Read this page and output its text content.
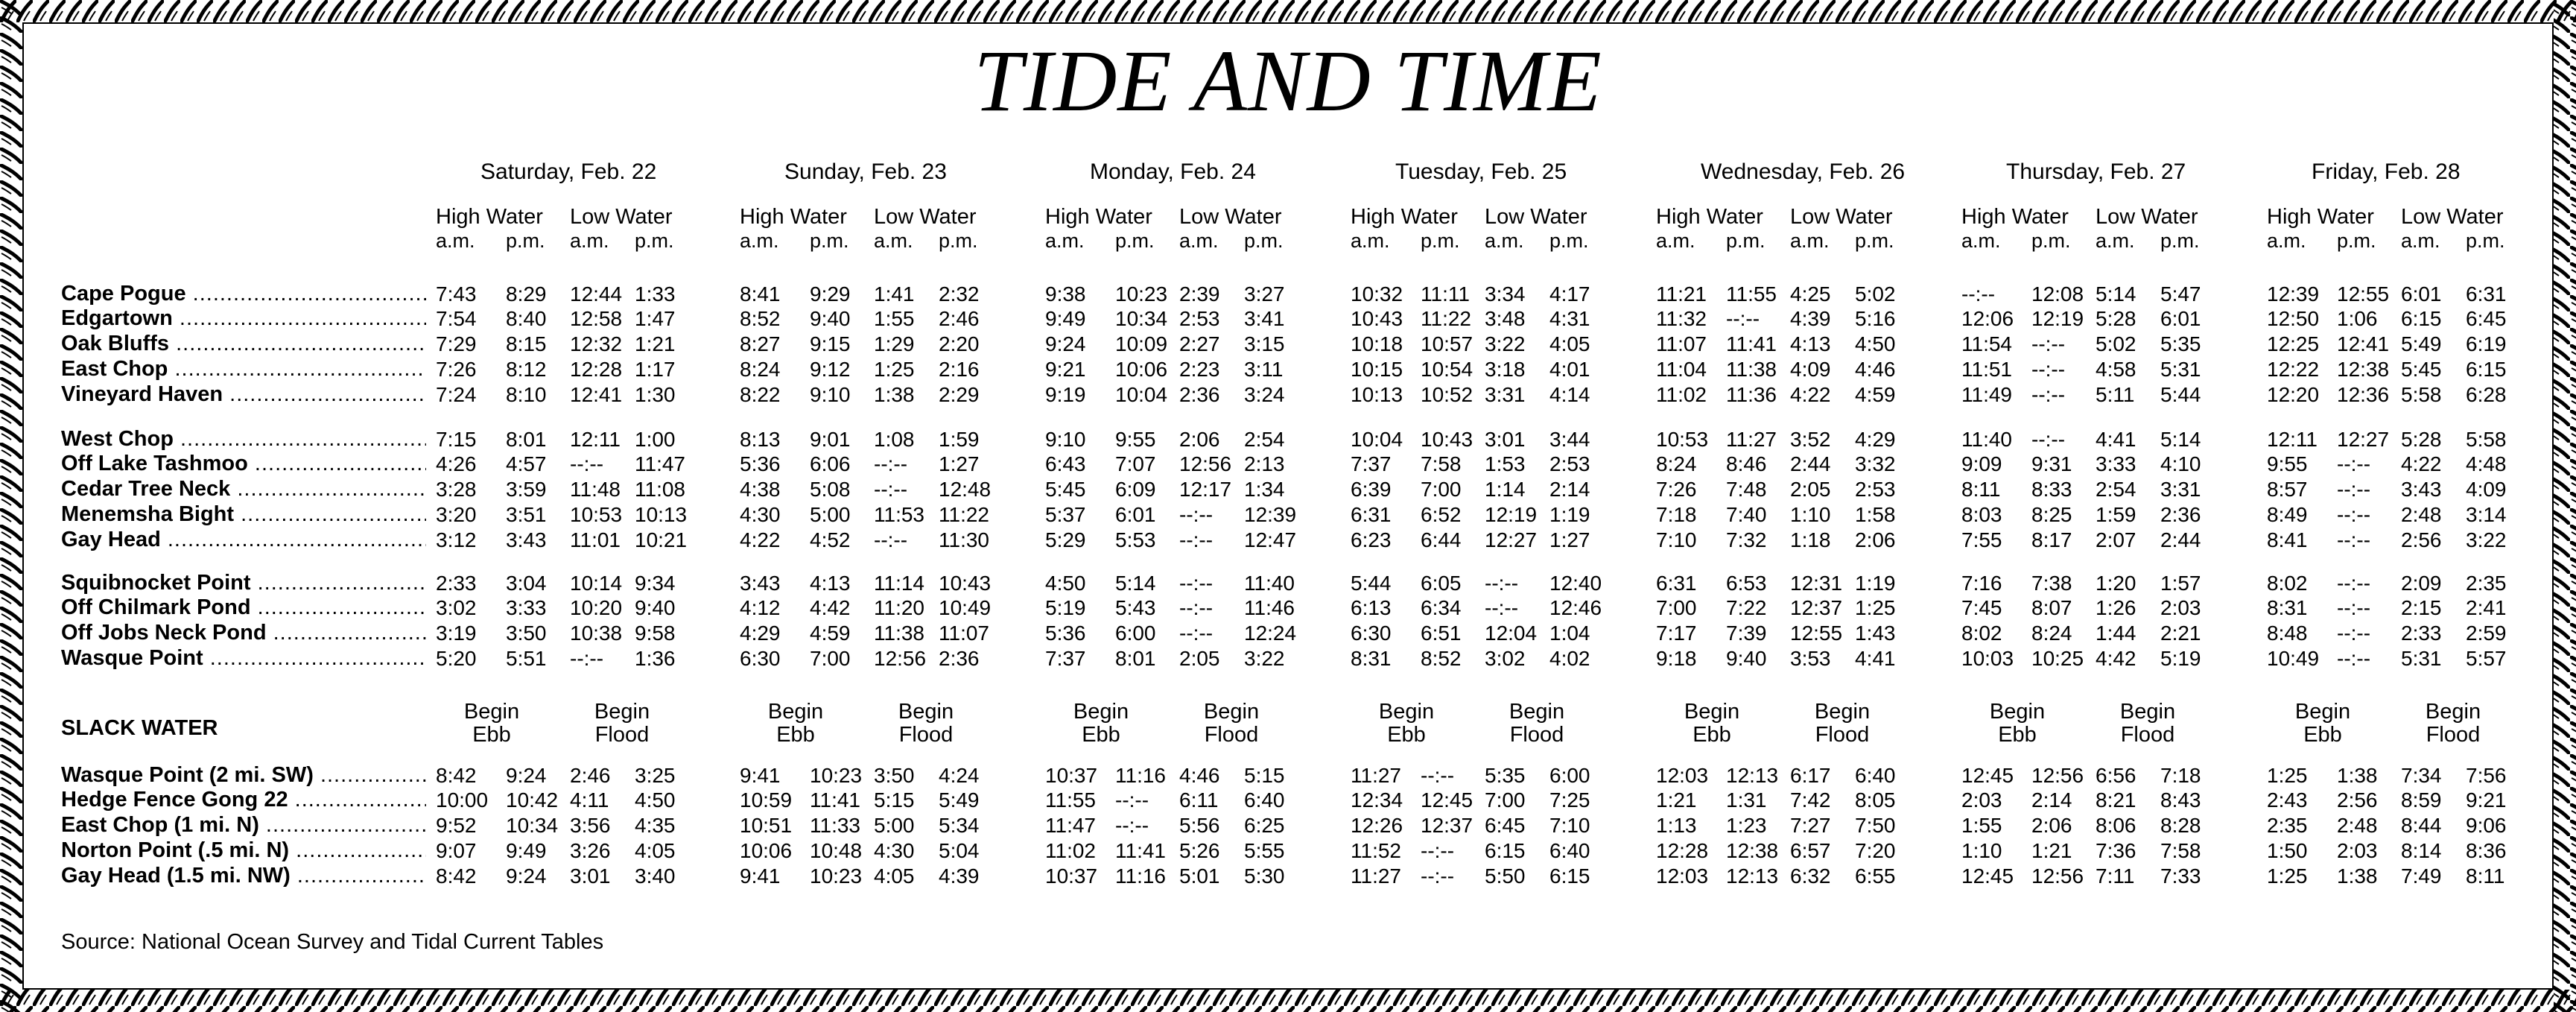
TIDE AND TIME
Saturday, Feb. 22
High Water Low Water
a.m. p.m. a.m. p.m.
Sunday, Feb. 23
High Water Low Water
a.m. p.m. a.m. p.m.
Monday, Feb. 24
High Water Low Water
a.m. p.m. a.m. p.m.
Tuesday, Feb. 25
High Water Low Water
a.m. p.m. a.m. p.m.
Wednesday, Feb. 26
High Water Low Water
a.m. p.m. a.m. p.m.
Thursday, Feb. 27
High Water Low Water
a.m. p.m. a.m. p.m.
Friday, Feb. 28
High Water Low Water
a.m. p.m. a.m. p.m.
Cape Pogue .....	7:43 8:29 12:44 1:33	8:41 9:29 1:41 2:32	9:38 10:23 2:39 3:27	10:32 11:11 3:34 4:17	11:21 11:55 4:25 5:02	--:-- 12:08 5:14 5:47	12:39 12:55 6:01 6:31
Edgartown .....	7:54 8:40 12:58 1:47	8:52 9:40 1:55 2:46	9:49 10:34 2:53 3:41	10:43 11:22 3:48 4:31	11:32 --:-- 4:39 5:16	12:06 12:19 5:28 6:01	12:50 1:06 6:15 6:45
Oak Bluffs .....	7:29 8:15 12:32 1:21	8:27 9:15 1:29 2:20	9:24 10:09 2:27 3:15	10:18 10:57 3:22 4:05	11:07 11:41 4:13 4:50	11:54 --:-- 5:02 5:35	12:25 12:41 5:49 6:19
East Chop .....	7:26 8:12 12:28 1:17	8:24 9:12 1:25 2:16	9:21 10:06 2:23 3:11	10:15 10:54 3:18 4:01	11:04 11:38 4:09 4:46	11:51 --:-- 4:58 5:31	12:22 12:38 5:45 6:15
Vineyard Haven .....	7:24 8:10 12:41 1:30	8:22 9:10 1:38 2:29	9:19 10:04 2:36 3:24	10:13 10:52 3:31 4:14	11:02 11:36 4:22 4:59	11:49 --:-- 5:11 5:44	12:20 12:36 5:58 6:28
West Chop .....	7:15 8:01 12:11 1:00	8:13 9:01 1:08 1:59	9:10 9:55 2:06 2:54	10:04 10:43 3:01 3:44	10:53 11:27 3:52 4:29	11:40 --:-- 4:41 5:14	12:11 12:27 5:28 5:58
Off Lake Tashmoo .....	4:26 4:57 --:-- 11:47	5:36 6:06 --:-- 1:27	6:43 7:07 12:56 2:13	7:37 7:58 1:53 2:53	8:24 8:46 2:44 3:32	9:09 9:31 3:33 4:10	9:55 --:-- 4:22 4:48
Cedar Tree Neck .....	3:28 3:59 11:48 11:08	4:38 5:08 --:-- 12:48	5:45 6:09 12:17 1:34	6:39 7:00 1:14 2:14	7:26 7:48 2:05 2:53	8:11 8:33 2:54 3:31	8:57 --:-- 3:43 4:09
Menemsha Bight .....	3:20 3:51 10:53 10:13	4:30 5:00 11:53 11:22	5:37 6:01 --:-- 12:39	6:31 6:52 12:19 1:19	7:18 7:40 1:10 1:58	8:03 8:25 1:59 2:36	8:49 --:-- 2:48 3:14
Gay Head .....	3:12 3:43 11:01 10:21	4:22 4:52 --:-- 11:30	5:29 5:53 --:-- 12:47	6:23 6:44 12:27 1:27	7:10 7:32 1:18 2:06	7:55 8:17 2:07 2:44	8:41 --:-- 2:56 3:22
Squibnocket Point .....	2:33 3:04 10:14 9:34	3:43 4:13 11:14 10:43	4:50 5:14 --:-- 11:40	5:44 6:05 --:-- 12:40	6:31 6:53 12:31 1:19	7:16 7:38 1:20 1:57	8:02 --:-- 2:09 2:35
Off Chilmark Pond .....	3:02 3:33 10:20 9:40	4:12 4:42 11:20 10:49	5:19 5:43 --:-- 11:46	6:13 6:34 --:-- 12:46	7:00 7:22 12:37 1:25	7:45 8:07 1:26 2:03	8:31 --:-- 2:15 2:41
Off Jobs Neck Pond .....	3:19 3:50 10:38 9:58	4:29 4:59 11:38 11:07	5:36 6:00 --:-- 12:24	6:30 6:51 12:04 1:04	7:17 7:39 12:55 1:43	8:02 8:24 1:44 2:21	8:48 --:-- 2:33 2:59
Wasque Point .....	5:20 5:51 --:-- 1:36	6:30 7:00 12:56 2:36	7:37 8:01 2:05 3:22	8:31 8:52 3:02 4:02	9:18 9:40 3:53 4:41	10:03 10:25 4:42 5:19	10:49 --:-- 5:31 5:57
Begin
Ebb
Begin
Flood
Begin
Ebb
Begin
Flood
Begin
Ebb
Begin
Flood
Begin
Ebb
Begin
Flood
Begin
Ebb
Begin
Flood
Begin
Ebb
Begin
Flood
Begin
Ebb
Begin
Flood
Wasque Point (2 mi. SW) .....	8:42 9:24 2:46 3:25	9:41 10:23 3:50 4:24	10:37 11:16 4:46 5:15	11:27 --:-- 5:35 6:00	12:03 12:13 6:17 6:40	12:45 12:56 6:56 7:18	1:25 1:38 7:34 7:56
Hedge Fence Gong 22 .....	10:00 10:42 4:11 4:50	10:59 11:41 5:15 5:49	11:55 --:-- 6:11 6:40	12:34 12:45 7:00 7:25	1:21 1:31 7:42 8:05	2:03 2:14 8:21 8:43	2:43 2:56 8:59 9:21
East Chop (1 mi. N) .....	9:52 10:34 3:56 4:35	10:51 11:33 5:00 5:34	11:47 --:-- 5:56 6:25	12:26 12:37 6:45 7:10	1:13 1:23 7:27 7:50	1:55 2:06 8:06 8:28	2:35 2:48 8:44 9:06
Norton Point (.5 mi. N) .....	9:07 9:49 3:26 4:05	10:06 10:48 4:30 5:04	11:02 11:41 5:26 5:55	11:52 --:-- 6:15 6:40	12:28 12:38 6:57 7:20	1:10 1:21 7:36 7:58	1:50 2:03 8:14 8:36
Gay Head (1.5 mi. NW) .....	8:42 9:24 3:01 3:40	9:41 10:23 4:05 4:39	10:37 11:16 5:01 5:30	11:27 --:-- 5:50 6:15	12:03 12:13 6:32 6:55	12:45 12:56 7:11 7:33	1:25 1:38 7:49 8:11
SLACK WATER
Source: National Ocean Survey and Tidal Current Tables
